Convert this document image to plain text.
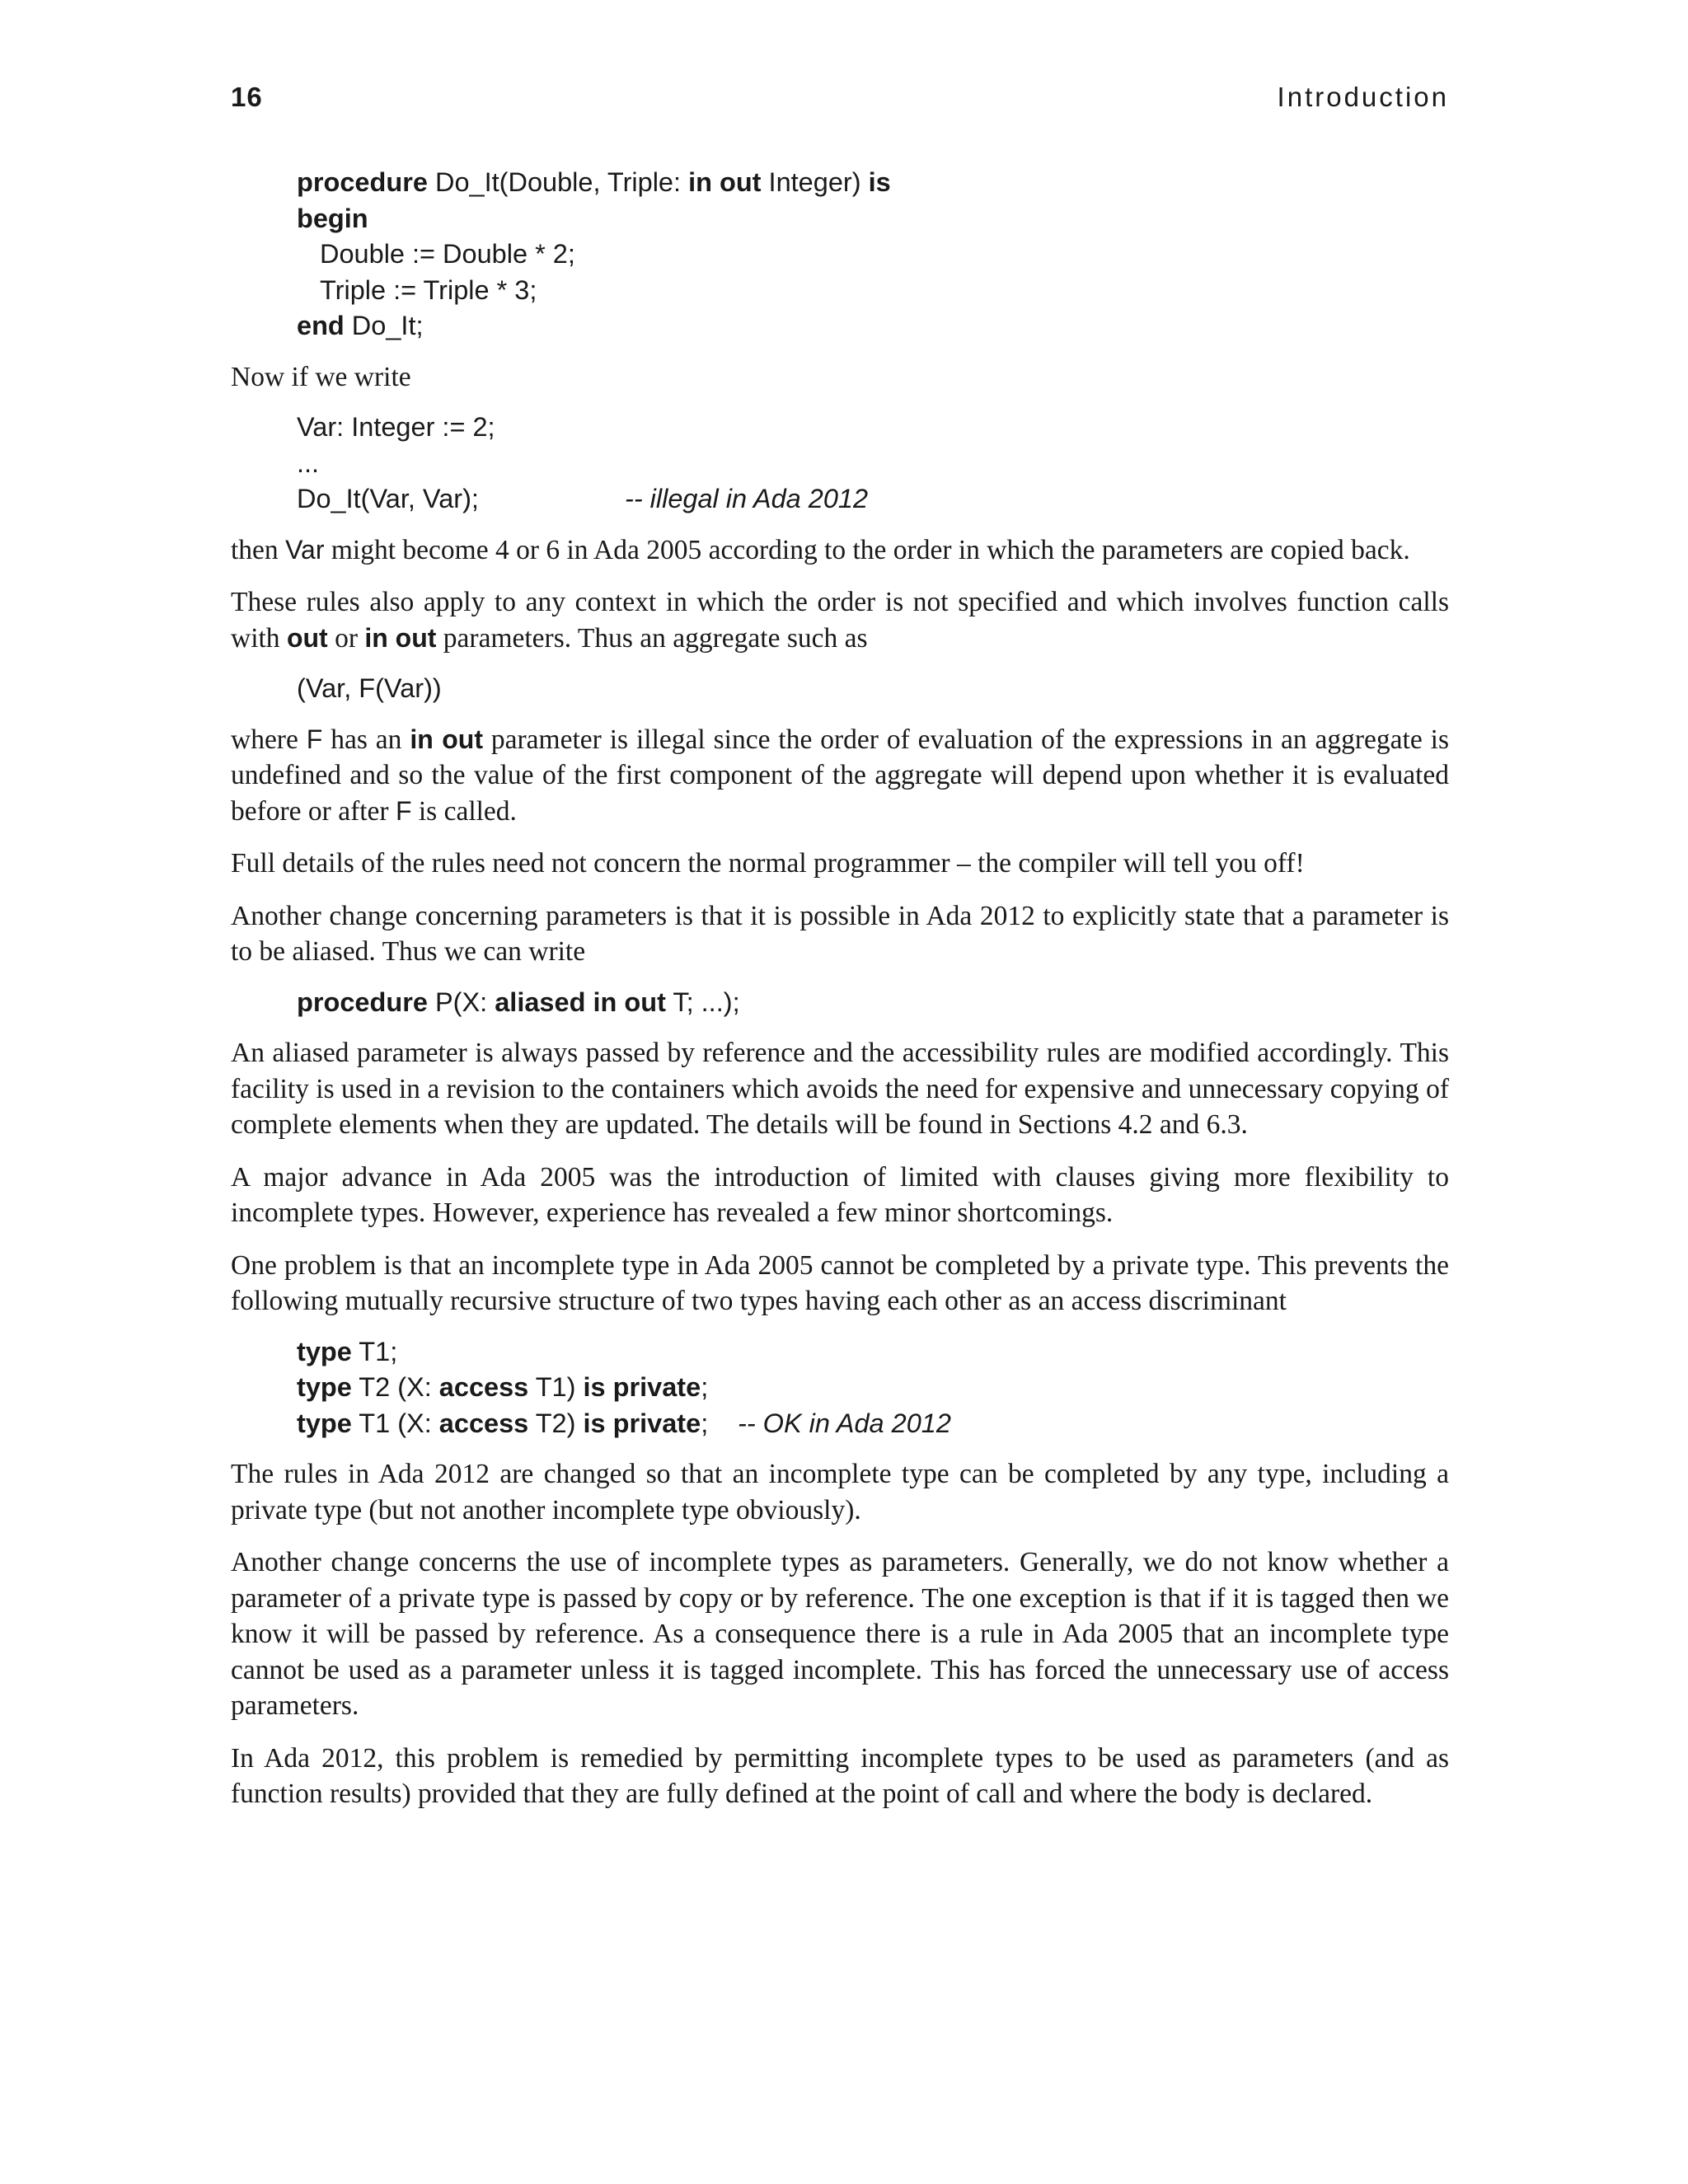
16	Introduction
procedure Do_It(Double, Triple: in out Integer) is
begin
Double := Double * 2;
Triple := Triple * 3;
end Do_It;

Now if we write

Var: Integer := 2;
...
Do_It(Var, Var);	-- illegal in Ada 2012

then Var might become 4 or 6 in Ada 2005 according to the order in which the parameters are copied back.

These rules also apply to any context in which the order is not specified and which involves function calls with out or in out parameters. Thus an aggregate such as

(Var, F(Var))

where F has an in out parameter is illegal since the order of evaluation of the expressions in an aggregate is undefined and so the value of the first component of the aggregate will depend upon whether it is evaluated before or after F is called.

Full details of the rules need not concern the normal programmer – the compiler will tell you off!

Another change concerning parameters is that it is possible in Ada 2012 to explicitly state that a parameter is to be aliased. Thus we can write

procedure P(X: aliased in out T; ...);

An aliased parameter is always passed by reference and the accessibility rules are modified accordingly. This facility is used in a revision to the containers which avoids the need for expensive and unnecessary copying of complete elements when they are updated. The details will be found in Sections 4.2 and 6.3.

A major advance in Ada 2005 was the introduction of limited with clauses giving more flexibility to incomplete types. However, experience has revealed a few minor shortcomings.

One problem is that an incomplete type in Ada 2005 cannot be completed by a private type. This prevents the following mutually recursive structure of two types having each other as an access discriminant

type T1;
type T2 (X: access T1) is private;
type T1 (X: access T2) is private; -- OK in Ada 2012

The rules in Ada 2012 are changed so that an incomplete type can be completed by any type, including a private type (but not another incomplete type obviously).

Another change concerns the use of incomplete types as parameters. Generally, we do not know whether a parameter of a private type is passed by copy or by reference. The one exception is that if it is tagged then we know it will be passed by reference. As a consequence there is a rule in Ada 2005 that an incomplete type cannot be used as a parameter unless it is tagged incomplete. This has forced the unnecessary use of access parameters.

In Ada 2012, this problem is remedied by permitting incomplete types to be used as parameters (and as function results) provided that they are fully defined at the point of call and where the body is declared.
